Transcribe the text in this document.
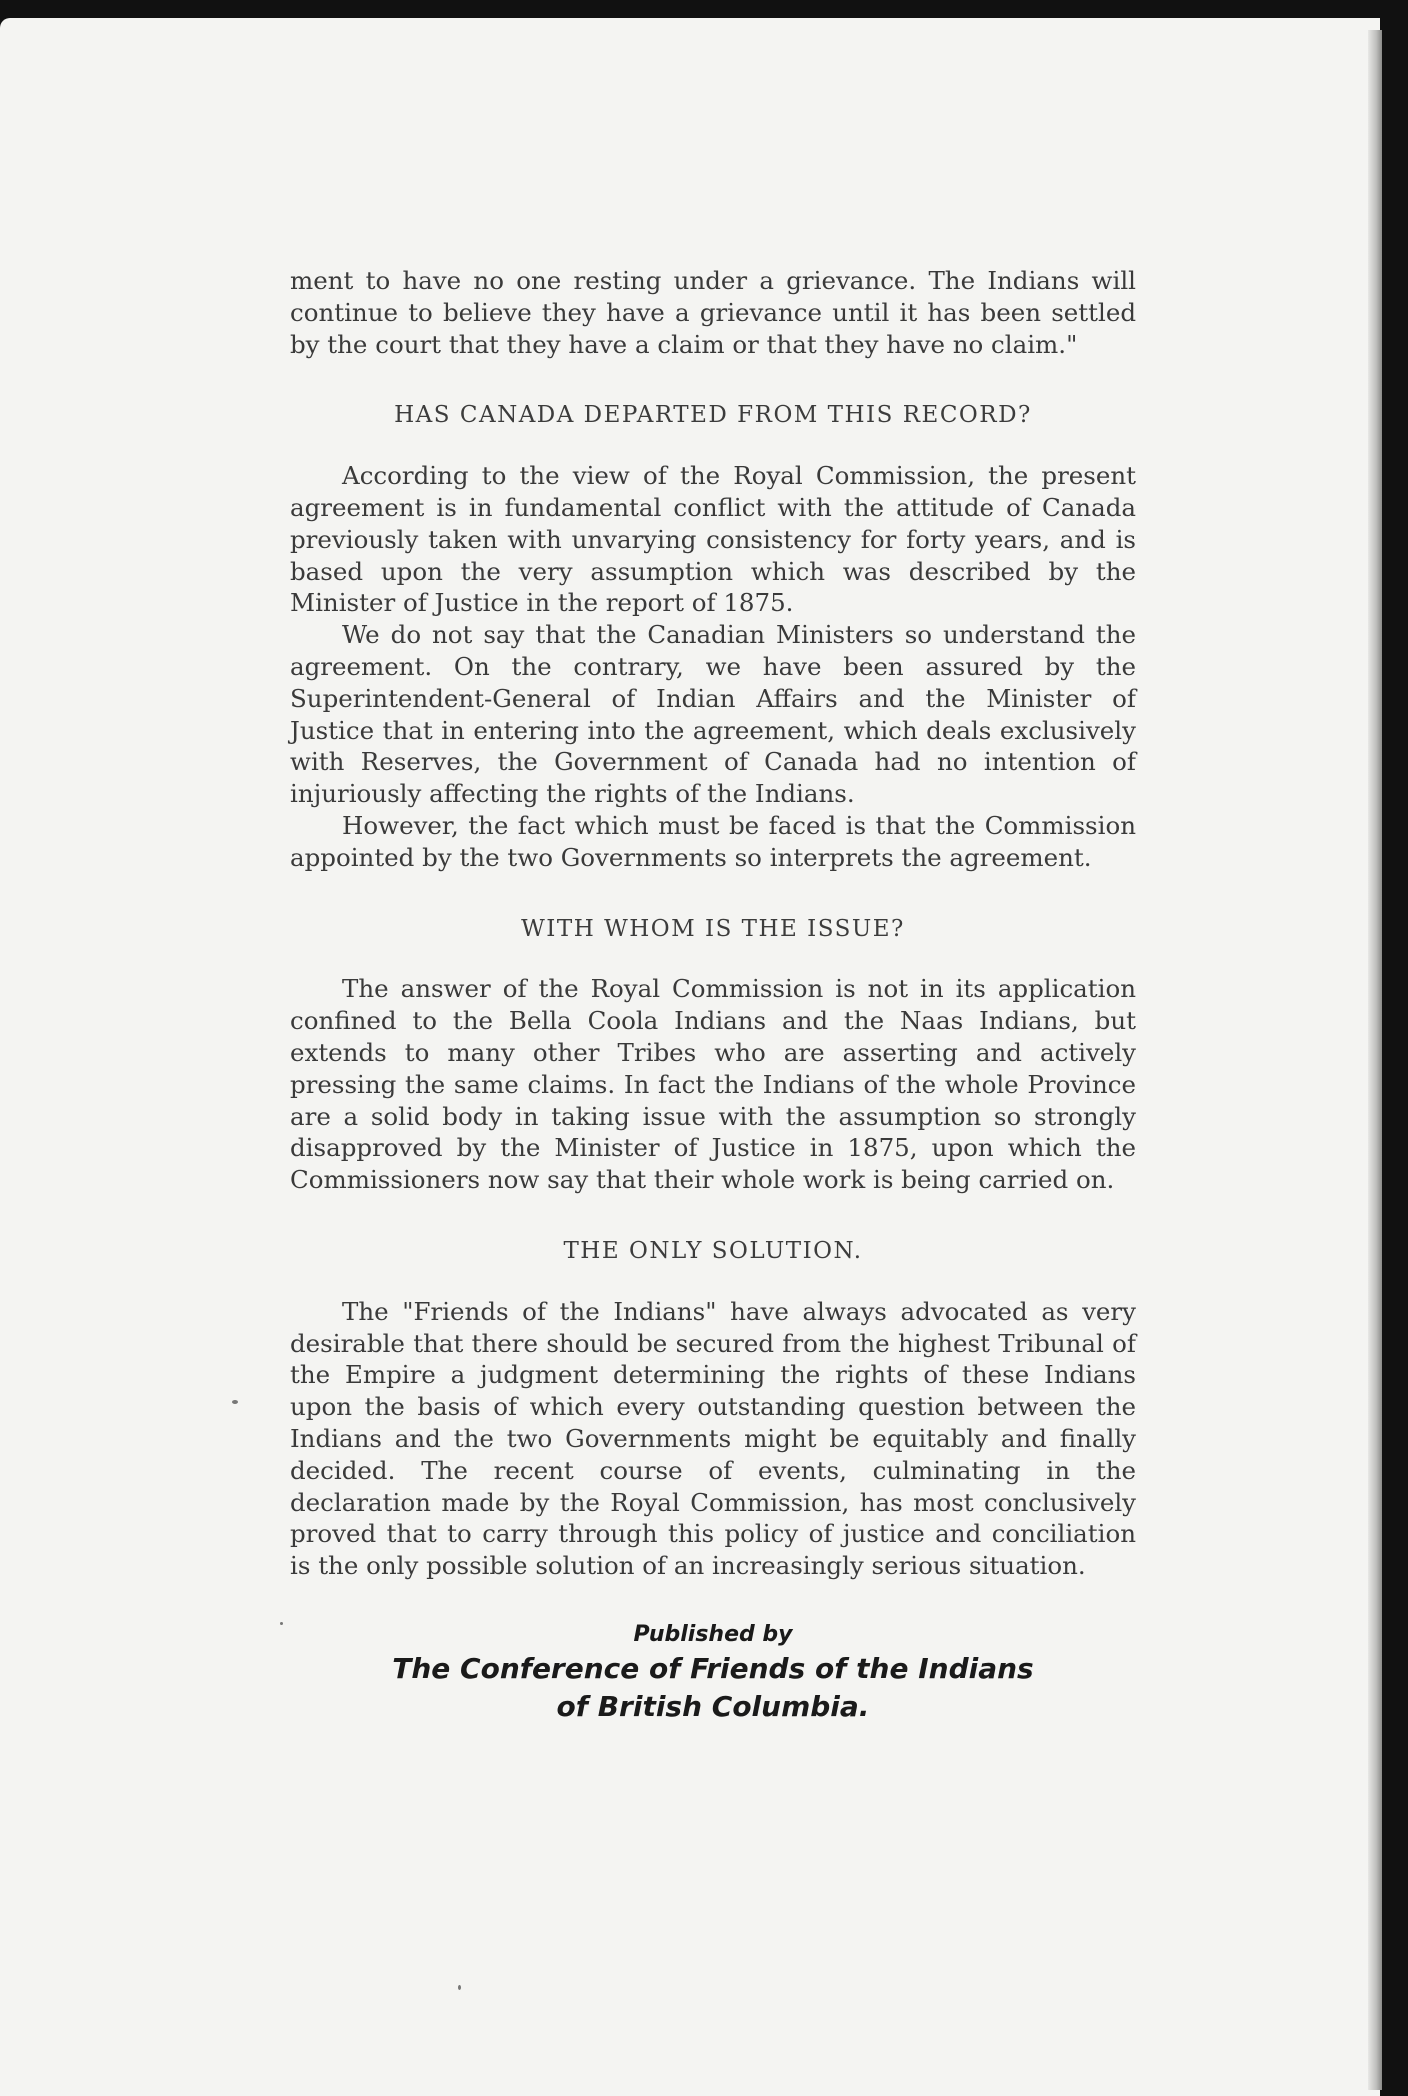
ment to have no one resting under a grievance. The Indians will continue to believe they have a grievance until it has been settled by the court that they have a claim or that they have no claim."

HAS CANADA DEPARTED FROM THIS RECORD?

According to the view of the Royal Commission, the present agreement is in fundamental conflict with the attitude of Canada previously taken with unvarying consistency for forty years, and is based upon the very assumption which was described by the Minister of Justice in the report of 1875.

We do not say that the Canadian Ministers so understand the agreement. On the contrary, we have been assured by the Superintendent-General of Indian Affairs and the Minister of Justice that in entering into the agreement, which deals exclusively with Reserves, the Government of Canada had no intention of injuriously affecting the rights of the Indians.

However, the fact which must be faced is that the Commission appointed by the two Governments so interprets the agreement.

WITH WHOM IS THE ISSUE?

The answer of the Royal Commission is not in its application confined to the Bella Coola Indians and the Naas Indians, but extends to many other Tribes who are asserting and actively pressing the same claims. In fact the Indians of the whole Province are a solid body in taking issue with the assumption so strongly disapproved by the Minister of Justice in 1875, upon which the Commissioners now say that their whole work is being carried on.

THE ONLY SOLUTION.

The "Friends of the Indians" have always advocated as very desirable that there should be secured from the highest Tribunal of the Empire a judgment determining the rights of these Indians upon the basis of which every outstanding question between the Indians and the two Governments might be equitably and finally decided. The recent course of events, culminating in the declaration made by the Royal Commission, has most conclusively proved that to carry through this policy of justice and conciliation is the only possible solution of an increasingly serious situation.

Published by
The Conference of Friends of the Indians
of British Columbia.
